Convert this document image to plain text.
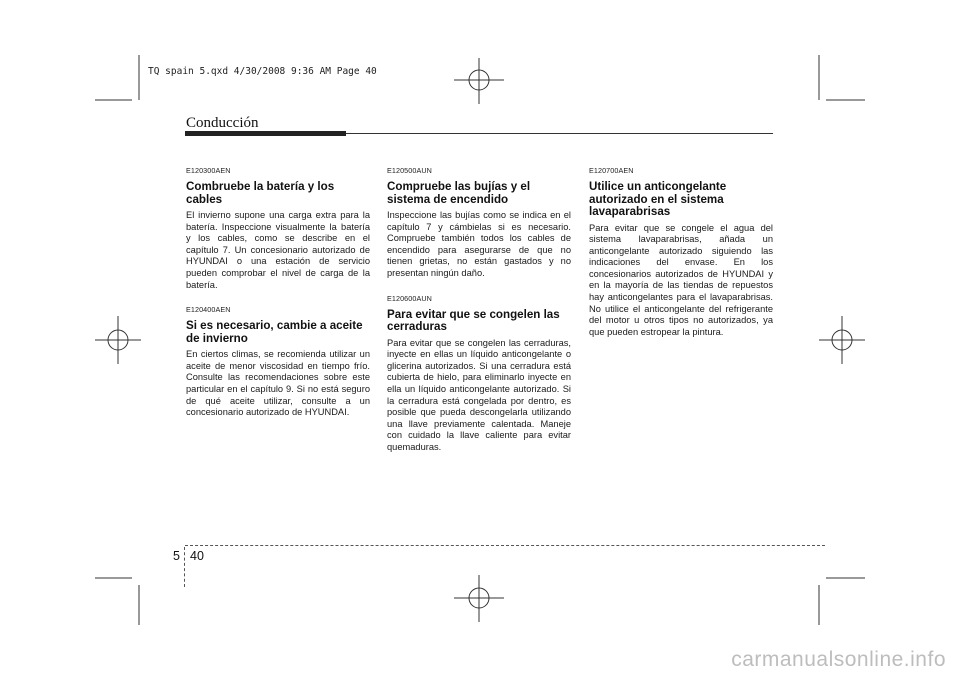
TQ spain 5.qxd 4/30/2008 9:36 AM Page 40
Conducción
E120300AEN
Combruebe la batería y los cables
El invierno supone una carga extra para la batería. Inspeccione visualmente la batería y los cables, como se describe en el capítulo 7. Un concesionario autorizado de HYUNDAI o una estación de servicio pueden comprobar el nivel de carga de la batería.
E120400AEN
Si es necesario, cambie a aceite de invierno
En ciertos climas, se recomienda utilizar un aceite de menor viscosidad en tiempo frío. Consulte las recomendaciones sobre este particular en el capítulo 9. Si no está seguro de qué aceite utilizar, consulte a un concesionario autorizado de HYUNDAI.
E120500AUN
Compruebe las bujías y el sistema de encendido
Inspeccione las bujías como se indica en el capítulo 7 y cámbielas si es necesario. Compruebe también todos los cables de encendido para asegurarse de que no tienen grietas, no están gastados y no presentan ningún daño.
E120600AUN
Para evitar que se congelen las cerraduras
Para evitar que se congelen las cerraduras, inyecte en ellas un líquido anticongelante o glicerina autorizados. Si una cerradura está cubierta de hielo, para eliminarlo inyecte en ella un líquido anticongelante autorizado. Si la cerradura está congelada por dentro, es posible que pueda descongelarla utilizando una llave previamente calentada. Maneje con cuidado la llave caliente para evitar quemaduras.
E120700AEN
Utilice un anticongelante autorizado en el sistema lavaparabrisas
Para evitar que se congele el agua del sistema lavaparabrisas, añada un anticongelante autorizado siguiendo las indicaciones del envase. En los concesionarios autorizados de HYUNDAI y en la mayoría de las tiendas de repuestos hay anticongelantes para el lavaparabrisas. No utilice el anticongelante del refrigerante del motor u otros tipos no autorizados, ya que pueden estropear la pintura.
5 40
carmanualsonline.info
